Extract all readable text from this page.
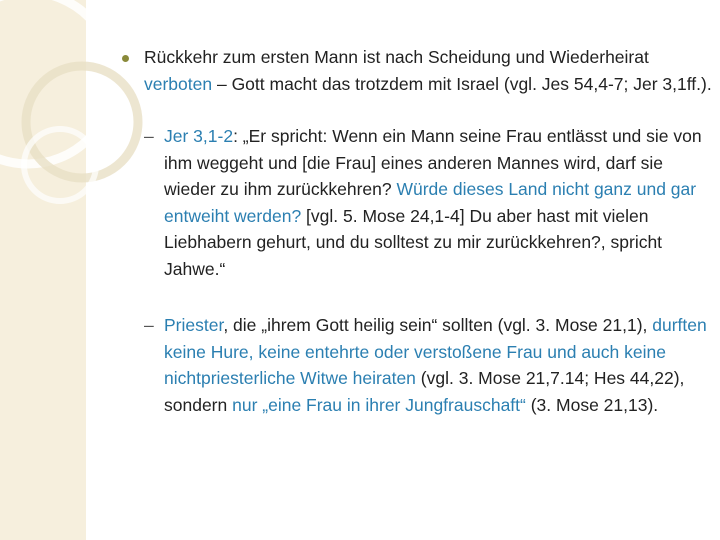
Rückkehr zum ersten Mann ist nach Scheidung und Wiederheirat verboten – Gott macht das trotzdem mit Israel (vgl. Jes 54,4-7; Jer 3,1ff.).
– Jer 3,1-2: „Er spricht: Wenn ein Mann seine Frau entlässt und sie von ihm weggeht und [die Frau] eines anderen Mannes wird, darf sie wieder zu ihm zurückkehren? Würde dieses Land nicht ganz und gar entweiht werden? [vgl. 5. Mose 24,1-4] Du aber hast mit vielen Liebhabern gehurt, und du solltest zu mir zurückkehren?, spricht Jahwe.“
– Priester, die „ihrem Gott heilig sein“ sollten (vgl. 3. Mose 21,1), durften keine Hure, keine entehrte oder verstoßene Frau und auch keine nichtpriesterliche Witwe heiraten (vgl. 3. Mose 21,7.14; Hes 44,22), sondern nur „eine Frau in ihrer Jungfrauschaft“ (3. Mose 21,13).
